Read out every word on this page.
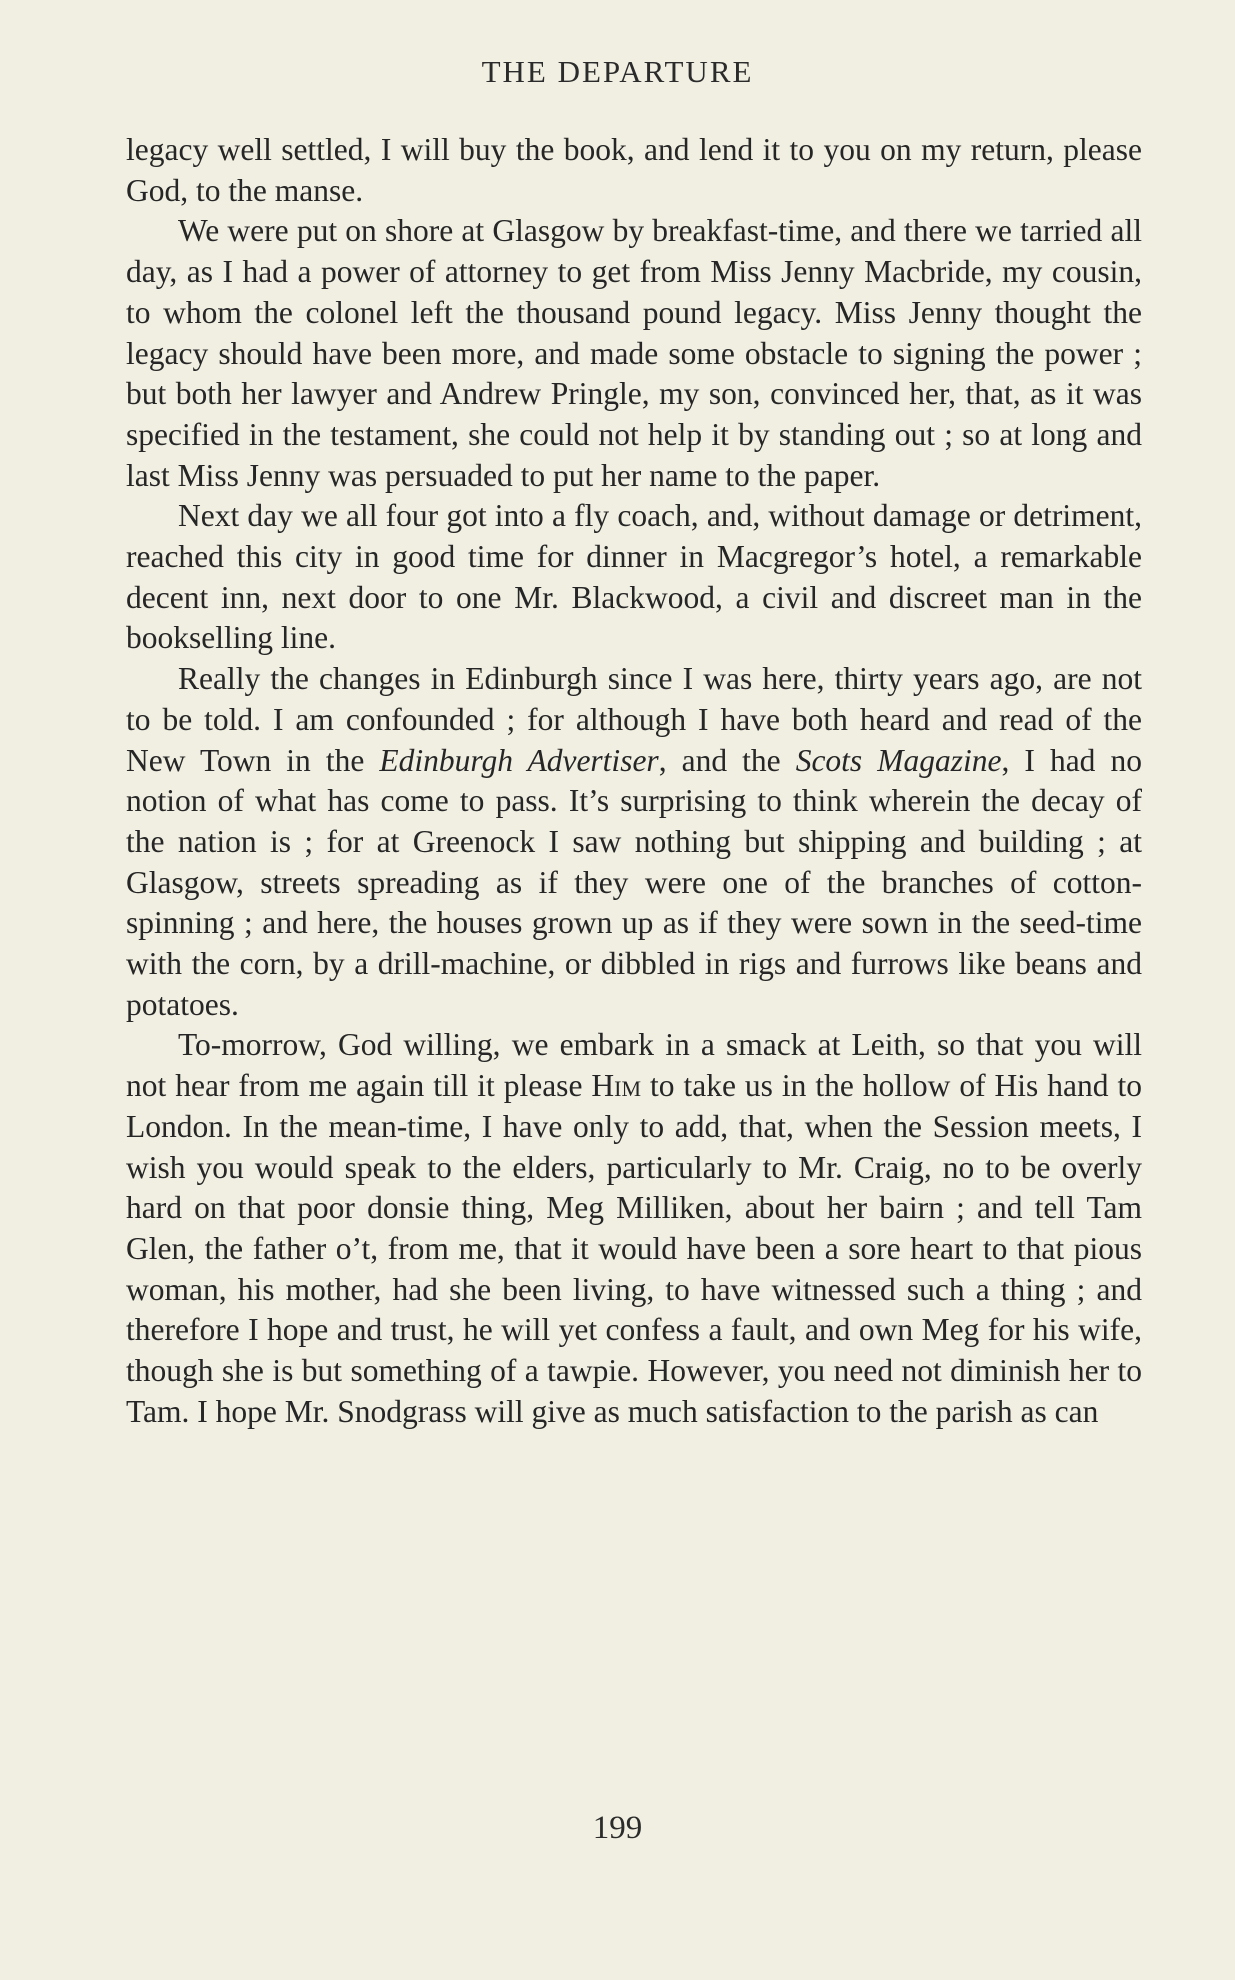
THE DEPARTURE

legacy well settled, I will buy the book, and lend it to you on my return, please God, to the manse.

We were put on shore at Glasgow by breakfast-time, and there we tarried all day, as I had a power of attorney to get from Miss Jenny Macbride, my cousin, to whom the colonel left the thousand pound legacy. Miss Jenny thought the legacy should have been more, and made some obstacle to signing the power ; but both her lawyer and Andrew Pringle, my son, convinced her, that, as it was specified in the testament, she could not help it by standing out ; so at long and last Miss Jenny was persuaded to put her name to the paper.

Next day we all four got into a fly coach, and, without damage or detriment, reached this city in good time for dinner in Macgregor’s hotel, a remarkable decent inn, next door to one Mr. Blackwood, a civil and discreet man in the bookselling line.

Really the changes in Edinburgh since I was here, thirty years ago, are not to be told. I am confounded ; for although I have both heard and read of the New Town in the Edinburgh Advertiser, and the Scots Magazine, I had no notion of what has come to pass. It’s surprising to think wherein the decay of the nation is ; for at Greenock I saw nothing but shipping and building ; at Glasgow, streets spreading as if they were one of the branches of cotton-spinning ; and here, the houses grown up as if they were sown in the seed-time with the corn, by a drill-machine, or dibbled in rigs and furrows like beans and potatoes.

To-morrow, God willing, we embark in a smack at Leith, so that you will not hear from me again till it please Him to take us in the hollow of His hand to London. In the mean-time, I have only to add, that, when the Session meets, I wish you would speak to the elders, particularly to Mr. Craig, no to be overly hard on that poor donsie thing, Meg Milliken, about her bairn ; and tell Tam Glen, the father o’t, from me, that it would have been a sore heart to that pious woman, his mother, had she been living, to have witnessed such a thing ; and therefore I hope and trust, he will yet confess a fault, and own Meg for his wife, though she is but something of a tawpie. However, you need not diminish her to Tam. I hope Mr. Snodgrass will give as much satisfaction to the parish as can

199
